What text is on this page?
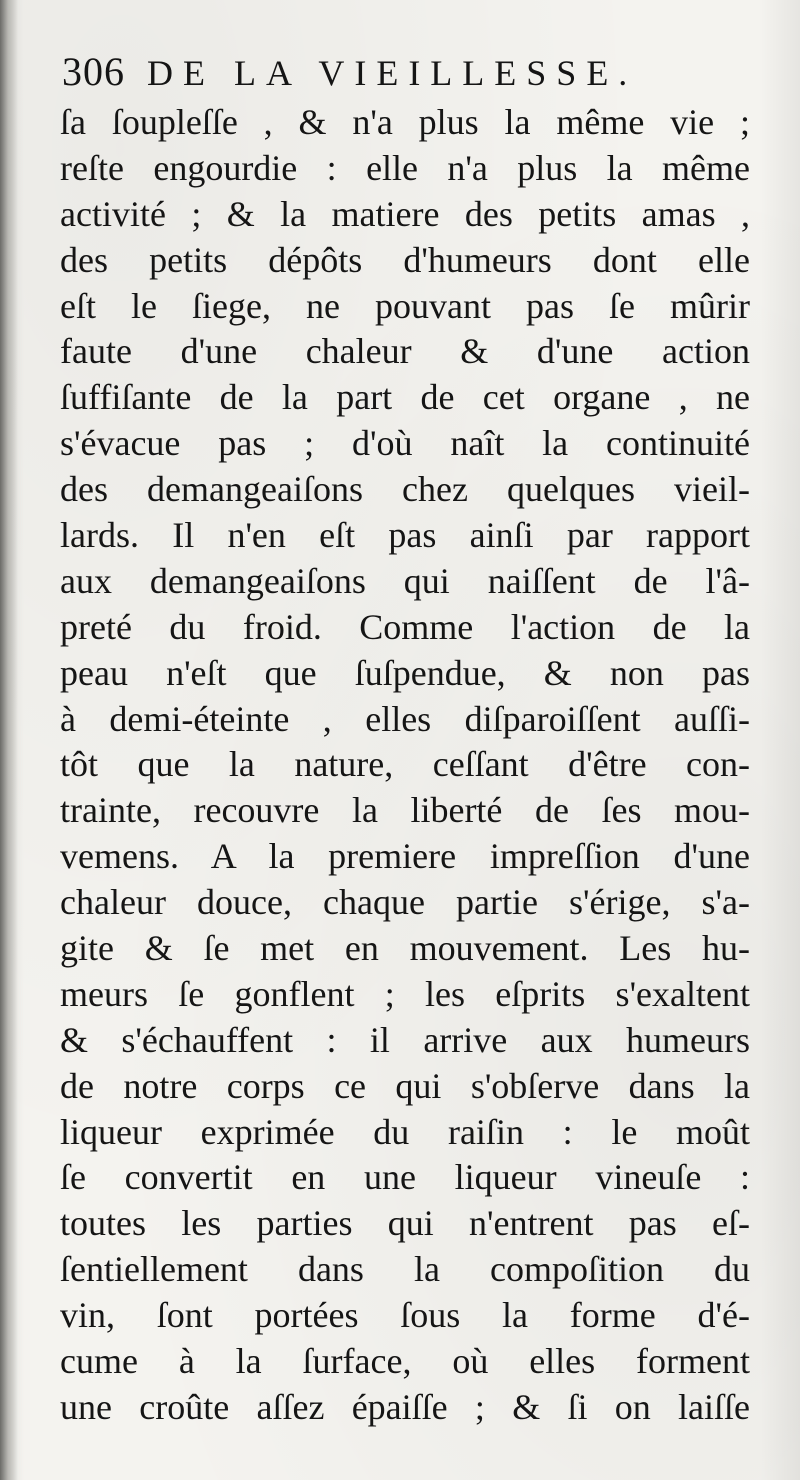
306 DE LA VIEILLESSE.
ſa ſoupleſſe , & n'a plus la même vie ;
reſte engourdie : elle n'a plus la même
activité ; & la matiere des petits amas ,
des petits dépôts d'humeurs dont elle
eſt le ſiege, ne pouvant pas ſe mûrir
faute d'une chaleur & d'une action
ſuffiſante de la part de cet organe , ne
s'évacue pas ; d'où naît la continuité
des demangeaiſons chez quelques vieil-
lards. Il n'en eſt pas ainſi par rapport
aux demangeaiſons qui naiſſent de l'â-
preté du froid. Comme l'action de la
peau n'eſt que ſuſpendue, & non pas
à demi-éteinte , elles diſparoiſſent auſſi-
tôt que la nature, ceſſant d'être con-
trainte, recouvre la liberté de ſes mou-
vemens. A la premiere impreſſion d'une
chaleur douce, chaque partie s'érige, s'a-
gite & ſe met en mouvement. Les hu-
meurs ſe gonflent ; les eſprits s'exaltent
& s'échauffent : il arrive aux humeurs
de notre corps ce qui s'obſerve dans la
liqueur exprimée du raiſin : le moût
ſe convertit en une liqueur vineuſe :
toutes les parties qui n'entrent pas eſ-
ſentiellement dans la compoſition du
vin, ſont portées ſous la forme d'é-
cume à la ſurface, où elles forment
une croûte aſſez épaiſſe ; & ſi on laiſſe
